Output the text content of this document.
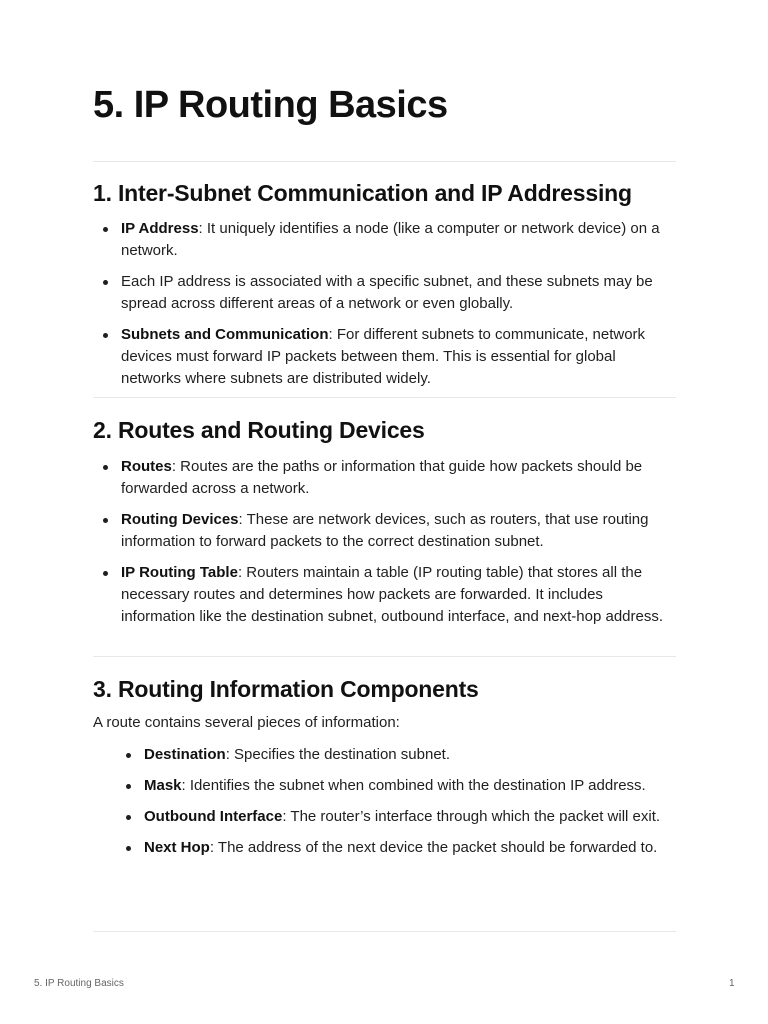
5. IP Routing Basics
1. Inter-Subnet Communication and IP Addressing
IP Address: It uniquely identifies a node (like a computer or network device) on a network.
Each IP address is associated with a specific subnet, and these subnets may be spread across different areas of a network or even globally.
Subnets and Communication: For different subnets to communicate, network devices must forward IP packets between them. This is essential for global networks where subnets are distributed widely.
2. Routes and Routing Devices
Routes: Routes are the paths or information that guide how packets should be forwarded across a network.
Routing Devices: These are network devices, such as routers, that use routing information to forward packets to the correct destination subnet.
IP Routing Table: Routers maintain a table (IP routing table) that stores all the necessary routes and determines how packets are forwarded. It includes information like the destination subnet, outbound interface, and next-hop address.
3. Routing Information Components

A route contains several pieces of information:

Destination: Specifies the destination subnet.
Mask: Identifies the subnet when combined with the destination IP address.
Outbound Interface: The router’s interface through which the packet will exit.
Next Hop: The address of the next device the packet should be forwarded to.
5. IP Routing Basics	1
